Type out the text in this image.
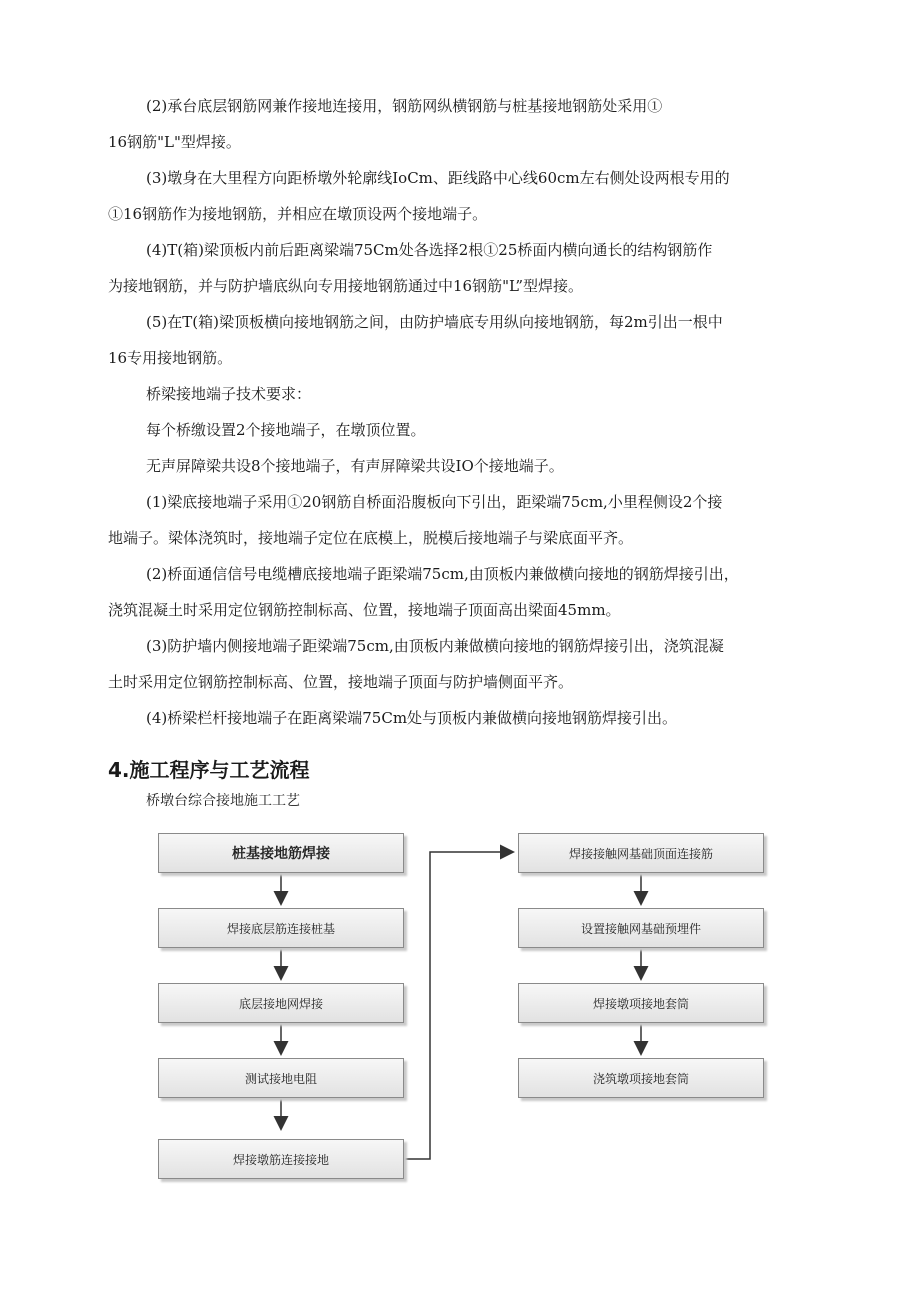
(2)承台底层钢筋网兼作接地连接用，钢筋网纵横钢筋与桩基接地钢筋处采用①

16钢筋"L"型焊接。

(3)墩身在大里程方向距桥墩外轮廓线IoCm、距线路中心线60cm左右侧处设两根专用的

①16钢筋作为接地钢筋，并相应在墩顶设两个接地端子。

(4)T(箱)梁顶板内前后距离梁端75Cm处各选择2根①25桥面内横向通长的结构钢筋作

为接地钢筋，并与防护墙底纵向专用接地钢筋通过中16钢筋"L”型焊接。

(5)在T(箱)梁顶板横向接地钢筋之间，由防护墙底专用纵向接地钢筋，每2m引出一根中

16专用接地钢筋。

桥梁接地端子技术要求：

每个桥缴设置2个接地端子，在墩顶位置。

无声屏障梁共设8个接地端子，有声屏障梁共设IO个接地端子。

(1)梁底接地端子采用①20钢筋自桥面沿腹板向下引出，距梁端75cm,小里程侧设2个接

地端子。梁体浇筑时，接地端子定位在底模上，脱模后接地端子与梁底面平齐。

(2)桥面通信信号电缆槽底接地端子距梁端75cm,由顶板内兼做横向接地的钢筋焊接引出，

浇筑混凝土时采用定位钢筋控制标高、位置，接地端子顶面高出梁面45mm。

(3)防护墙内侧接地端子距梁端75cm,由顶板内兼做横向接地的钢筋焊接引出，浇筑混凝

土时采用定位钢筋控制标高、位置，接地端子顶面与防护墙侧面平齐。

(4)桥梁栏杆接地端子在距离梁端75Cm处与顶板内兼做横向接地钢筋焊接引出。

4.施工程序与工艺流程
桥墩台综合接地施工工艺
桩基接地筋焊接
焊接底层筋连接桩基
底层接地网焊接
测试接地电阻
焊接墩筋连接接地
焊接接触网基础顶面连接筋
设置接触网基础预埋件
焊接墩项接地套筒
浇筑墩项接地套筒
